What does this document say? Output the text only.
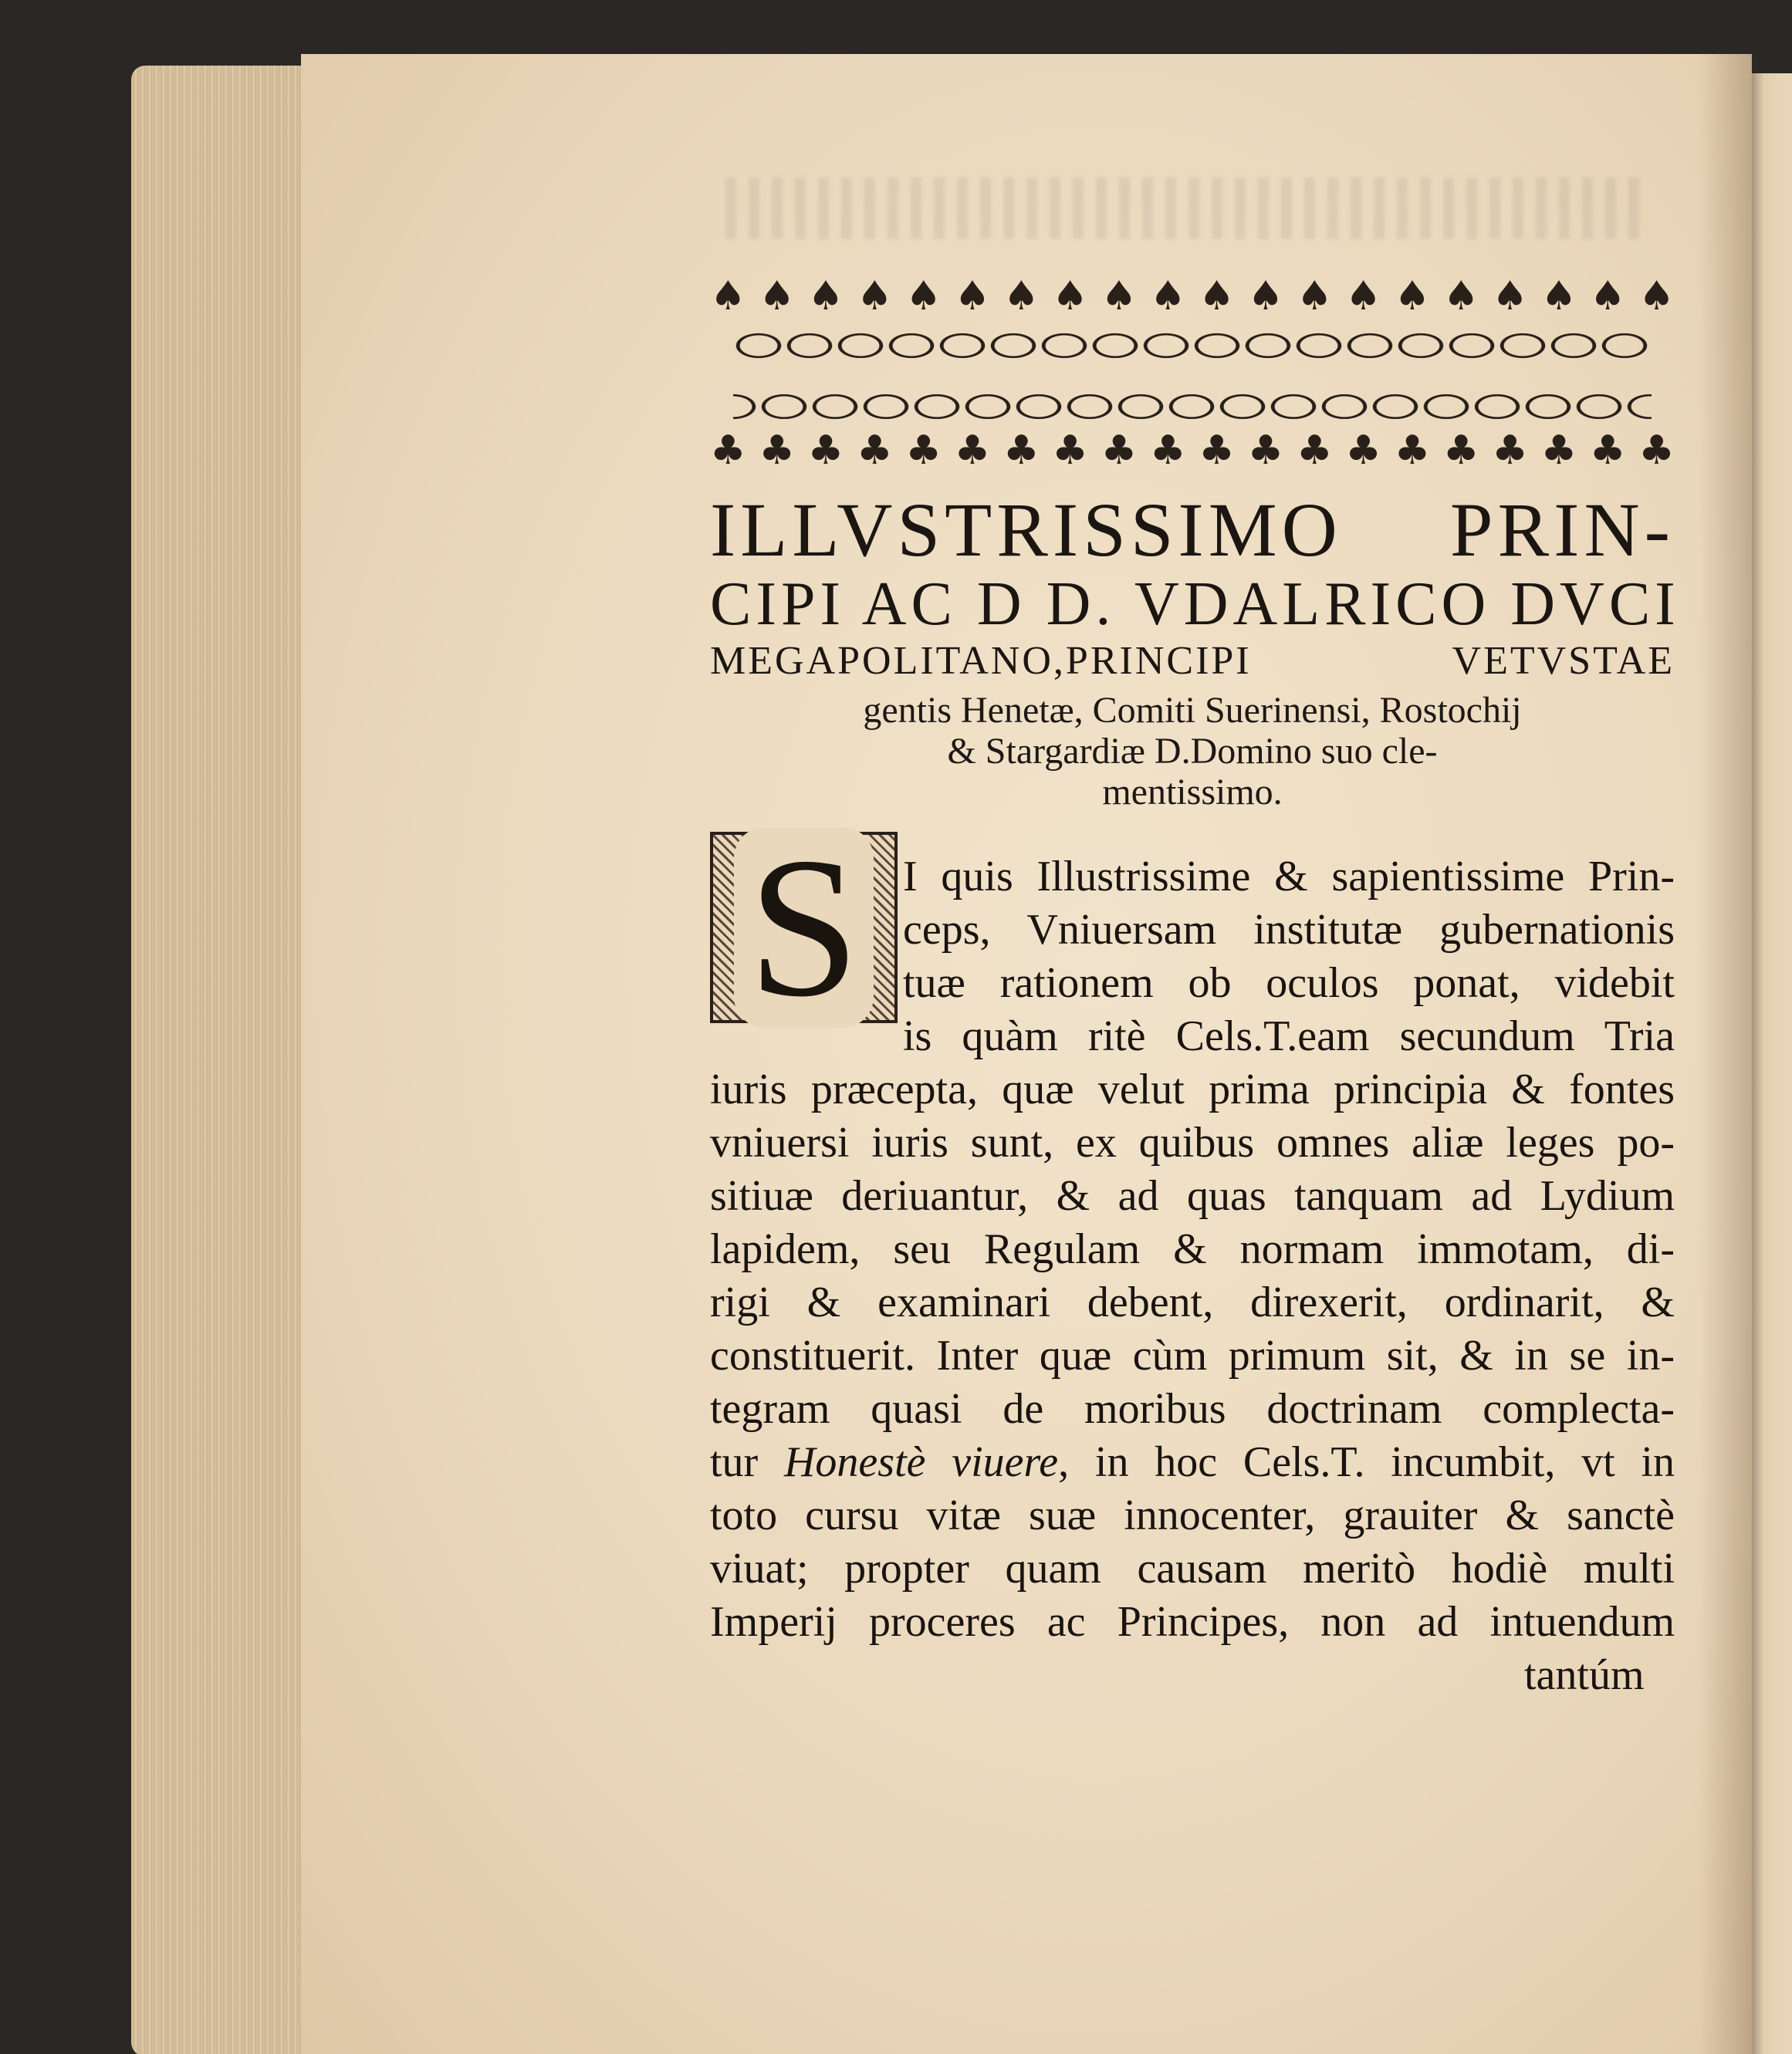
♠ ♠ ♠ ♠ ♠ ♠ ♠ ♠ ♠ ♠ ♠ ♠ ♠ ♠ ♠ ♠ ♠ ♠ ♠ ♠
♣ ♣ ♣ ♣ ♣ ♣ ♣ ♣ ♣ ♣ ♣ ♣ ♣ ♣ ♣ ♣ ♣ ♣ ♣ ♣
ILLVSTRISSIMO PRIN-
CIPI AC D D. VDALRICO DVCI
MEGAPOLITANO,PRINCIPI VETVSTAE
gentis Henetæ, Comiti Suerinensi, Rostochij
& Stargardiæ D.Domino suo cle-
mentissimo.
S	I quis Illustrissime & sapientissime Prin-
ceps, Vniuersam institutæ gubernationis
tuæ rationem ob oculos ponat, videbit
is quàm ritè Cels.T.eam secundum Tria
iuris præcepta, quæ velut prima principia & fontes
vniuersi iuris sunt, ex quibus omnes aliæ leges po-
sitiuæ deriuantur, & ad quas tanquam ad Lydium
lapidem, seu Regulam & normam immotam, di-
rigi & examinari debent, direxerit, ordinarit, &
constituerit. Inter quæ cùm primum sit, & in se in-
tegram quasi de moribus doctrinam complecta-
tur Honestè viuere, in hoc Cels.T. incumbit, vt in
toto cursu vitæ suæ innocenter, grauiter & sanctè
viuat; propter quam causam meritò hodiè multi
Imperij proceres ac Principes, non ad intuendum
tantúm
